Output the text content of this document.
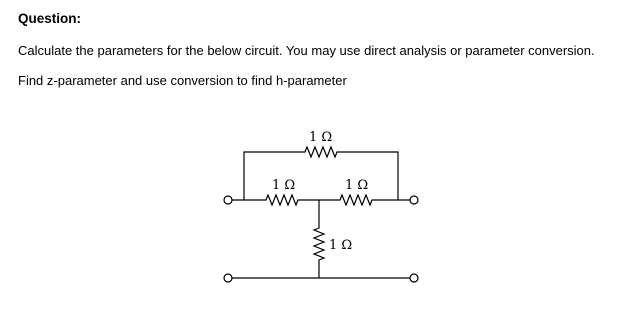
Question:

Calculate the parameters for the below circuit. You may use direct analysis or parameter conversion.

Find z-parameter and use conversion to find h-parameter

1 Ω
1 Ω	1 Ω
1 Ω
